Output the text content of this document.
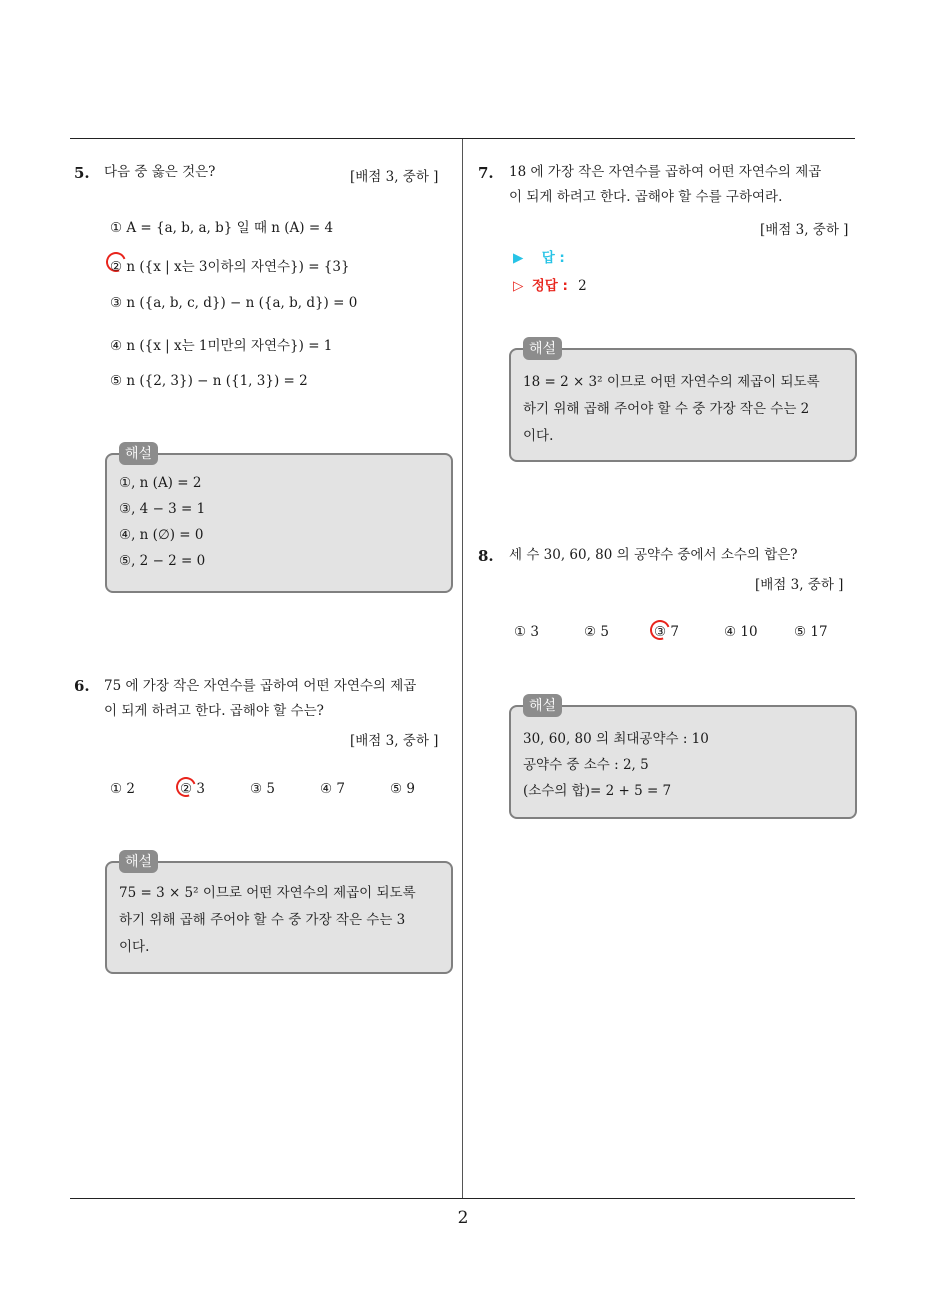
5. 다음 중 옳은 것은?	[배점 3, 중하 ]
① A = {a, b, a, b} 일 때 n (A) = 4
② n ({x | x는 3이하의 자연수}) = {3}
③ n ({a, b, c, d}) − n ({a, b, d}) = 0
④ n ({x | x는 1미만의 자연수}) = 1
⑤ n ({2, 3}) − n ({1, 3}) = 2
해설
①, n (A) = 2
③, 4 − 3 = 1
④, n (∅) = 0
⑤, 2 − 2 = 0
6. 75 에 가장 작은 자연수를 곱하여 어떤 자연수의 제곱
이 되게 하려고 한다. 곱해야 할 수는?
[배점 3, 중하 ]
① 2	② 3	③ 5	④ 7	⑤ 9
해설
75 = 3 × 5² 이므로 어떤 자연수의 제곱이 되도록
하기 위해 곱해 주어야 할 수 중 가장 작은 수는 3
이다.
7. 18 에 가장 작은 자연수를 곱하여 어떤 자연수의 제곱
이 되게 하려고 한다. 곱해야 할 수를 구하여라.
[배점 3, 중하 ]
▶ 답 :
▷ 정답 : 2
해설
18 = 2 × 3² 이므로 어떤 자연수의 제곱이 되도록
하기 위해 곱해 주어야 할 수 중 가장 작은 수는 2
이다.
8. 세 수 30, 60, 80 의 공약수 중에서 소수의 합은?
[배점 3, 중하 ]
① 3	② 5	③ 7	④ 10	⑤ 17
해설
30, 60, 80 의 최대공약수 : 10
공약수 중 소수 : 2, 5
(소수의 합)= 2 + 5 = 7
2
